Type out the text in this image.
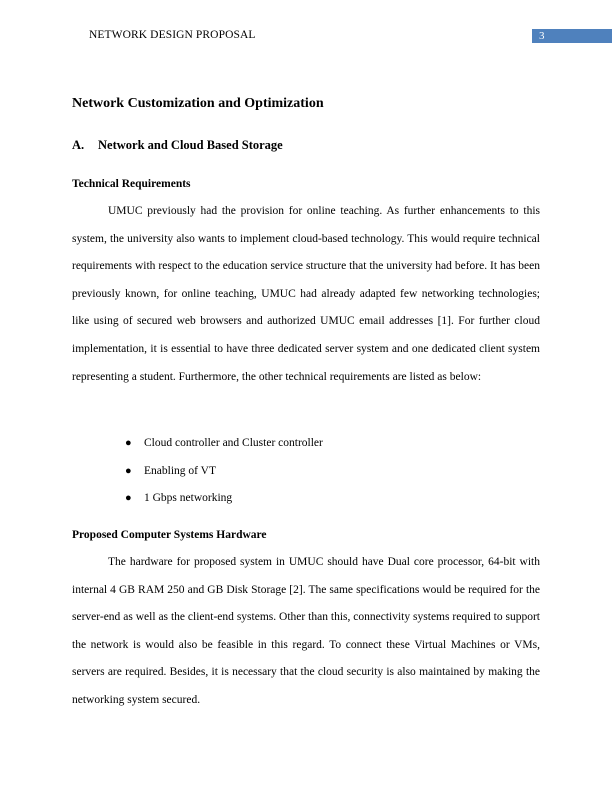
NETWORK DESIGN PROPOSAL	3
Network Customization and Optimization
A. Network and Cloud Based Storage
Technical Requirements

UMUC previously had the provision for online teaching. As further enhancements to this system, the university also wants to implement cloud-based technology. This would require technical requirements with respect to the education service structure that the university had before. It has been previously known, for online teaching, UMUC had already adapted few networking technologies; like using of secured web browsers and authorized UMUC email addresses [1]. For further cloud implementation, it is essential to have three dedicated server system and one dedicated client system representing a student. Furthermore, the other technical requirements are listed as below:

● Cloud controller and Cluster controller
● Enabling of VT
● 1 Gbps networking
Proposed Computer Systems Hardware

The hardware for proposed system in UMUC should have Dual core processor, 64-bit with internal 4 GB RAM 250 and GB Disk Storage [2]. The same specifications would be required for the server-end as well as the client-end systems. Other than this, connectivity systems required to support the network is would also be feasible in this regard. To connect these Virtual Machines or VMs, servers are required. Besides, it is necessary that the cloud security is also maintained by making the networking system secured.
